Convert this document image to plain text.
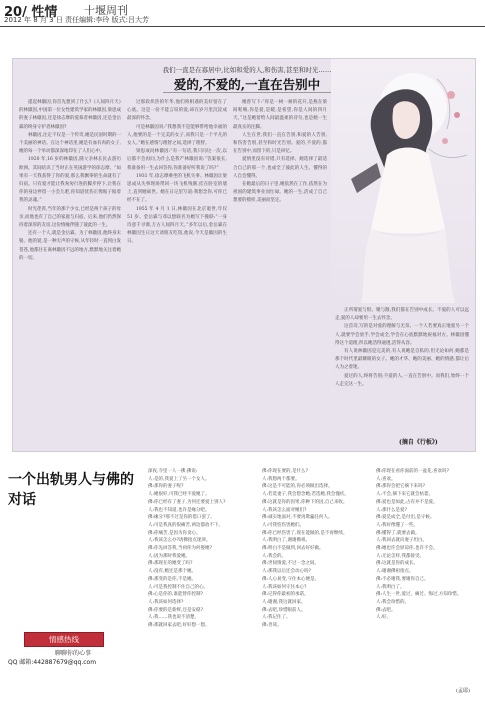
20/ 性情 十堰周刊
2012 年 8 月 3 日 责任编辑:李玲 版式:吕大芳
我们一直是在寡居中,比如和爱的人,和伤害,甚至和时光……
爱的,不爱的,一直在告别中

提起林徽因,你首先想到了什么?《人间四月天》的林徽因,中国第一位女性建筑学家的林徽因,梁思成的妻子林徽因,还是徐志摩的爱慕者林徽因,还是金岳霖的终身守护者林徽因?

林徽因,注定不仅是一个传奇,她是民国时期的一个美丽的神话。在这个神话里,她是有血有肉的女子,她的每一个举动都深深地印在了人们心中。

1920 年,16 岁的林徽因,随父亲林长民去游历欧洲。其间结识了当时正在英国游学的徐志摩。“如果有一天我获得了你的爱,那么我飘零的生命就有了归宿。只有爱才能让我匆匆行进的脚步停下,让我在你的身边停留一小会儿吧,你知道忧伤正像锯子锯着我的灵魂。”

时光荏苒,当年的那个少女,已经是两个孩子的母亲,而他也有了自己的家庭与归宿。后来,他们仍然保持着深厚的友谊,这份情缘伴随了彼此的一生。

还有一个人,就是金岳霖。为了林徽因,他终身未娶。他的爱,是一种无声的守候,从年轻时一直到白发苍苍,他都住在离林徽因不远的地方,默默地关注着她的一切。

过那段炽热的年华,他们将相遇的美好留在了心底。这是一份不能言说的爱,却在岁月里沉淀成最深的怀念。

可是林徽因说:“我想我不是能够带给他幸福的人,他要的是一个完美的女子,而我只是一个平凡的女人。”她在感情与理智之间,选择了理智。

梁思成问林徽因:“有一句话,我只问这一次,以后都不会再问,为什么是我?”林徽因说:“答案很长,我准备用一生去回答你,你准备好听我说了吗?”

1931 年,徐志摩乘坐的飞机失事。林徽因让梁思成从失事现场带回一块飞机残骸,挂在卧室的墙上,直到她离世。她在日记里写道:我想念你,可你已经不在了。

1955 年 4 月 1 日,林徽因在北京逝世,年仅 51 岁。金岳霖与邓以蛰联名为她写下挽联:“一身诗意千寻瀑,万古人间四月天。”多年以后,金岳霖在林徽因生日这天请朋友吃饭,他说,今天是徽因的生日。

她曾写下:“你是一树一树的花开,是燕在梁间呢喃,你是爱,是暖,是希望,你是人间的四月天。”这是她留给人间最温柔的诗句,也是她一生最真实的注脚。

人生在世,我们一直在告别,和爱的人告别,和伤害告别,甚至和时光告别。爱的,不爱的,都在告别中,而留下的,只是回忆。

爱情里没有对错,只有选择。她选择了最适合自己的那一个,也成全了彼此的人生。懂得的人自会懂得。

在她最后的日子里,她依然在工作,依然在为祖国的建筑事业而忙碌。她的一生,活成了自己想要的模样,美丽而坚定。

正所谓爱与恨、聚与散,我们都在告别中成长。不爱的人可以远走,爱的人却要用一生去怀念。

这首诗,写的是对爱的理解与无奈。一个人若要真正地爱另一个人,就要学会放手,学会成全,学会在心底默默地祝福对方。林徽因懂得这个道理,所以她活得通透,活得从容。

有人说林徽因是完美的,有人说她是自私的,但无论如何,她都是那个时代里最耀眼的女子。她的才华、她的美丽、她的情感,都让后人为之着迷。

爱过的人,终将告别;不爱的人,一直在告别中。而我们,始终一个人走完这一生。

(摘自《行板》)
一个出轨男人与佛的对话
情感热线
聊聊你的心事
QQ 邮箱:442887679@qq.com

深夜,寺里一人一佛,佛说:

人:是的,我爱上了另一个女人。

佛:那你的妻子呢?

人:她很好,可我已经不爱她了。

佛:你已经有了妻子,为何还要爱上别人?

人:我也不知道,也许是缘分吧。

佛:缘分?那不过是你的借口罢了。

人:可是我真的很痛苦,两边都放不下。

佛:你痛苦,是因为你贪心。

人:我该怎么办?请佛指点迷津。

佛:你先回答我,当初你为何娶她?

人:因为那时我爱她。

佛:那现在的她变了吗?

人:没有,她还是那个她。

佛:那变的是你,不是她。

人:可是我控制不住自己的心。

佛:心是你的,谁能替你控制?

人:我该如何选择?

佛:你要的是新鲜,还是安稳?

人:我……我也说不清楚。

佛:那就回家去吧,好好想一想。

佛:你现在要的,是什么?

人:我想两个都要。

佛:这是不可能的,你必须做出选择。

人:若选妻子,我会想念她;若选她,我会愧疚。

佛:这就是你的因果,你种下的因,自己来收。

人:我该怎么面对她们?

佛:诚实地面对,不要再欺骗任何人。

人:可我怕伤害她们。

佛:你已经伤害了,现在能做的,是不再继续。

人:我明白了,谢谢佛祖。

佛:明白不是做到,回去好好做。

人:我会的。

佛:世间情爱,不过一念之间。

人:那我以后还会动心吗?

佛:人心易变,守住本心便是。

人:我该如何守住本心?

佛:记得你最初的承诺。

人:谢谢,我这就回家。

佛:去吧,珍惜眼前人。

人:我记住了。

佛:善哉。

佛:你现在看你面前的一盆花,喜欢吗?

人:喜欢。

佛:那你会把它摘下来吗?

人:不会,摘下来它就会枯萎。

佛:爱也是如此,占有并不是爱。

人:那什么是爱?

佛:爱是成全,是付出,是守候。

人:我好像懂了一些。

佛:懂得了,就要去做。

人:我回去就向妻子坦白。

佛:她也许会原谅你,也许不会。

人:无论怎样,我都接受。

佛:这就是你的成长。

人:谢谢佛祖指点。

佛:不必谢我,要谢你自己。

人:我明白了。

佛:人生一世,爱过、痛过、悔过,方知珍惜。

人:我会珍惜的。

佛:去吧。

人:好。

(孟耶)
